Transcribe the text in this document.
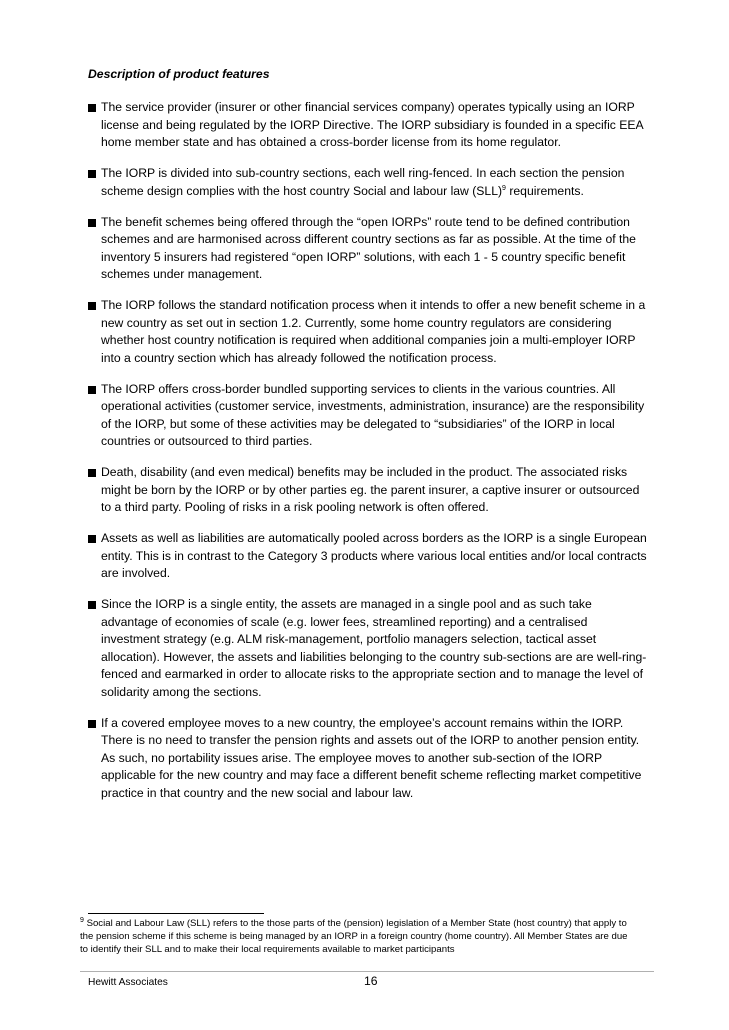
Description of product features
The service provider (insurer or other financial services company) operates typically using an IORP
license and being regulated by the IORP Directive. The IORP subsidiary is founded in a specific EEA
home member state and has obtained a cross-border license from its home regulator.
The IORP is divided into sub-country sections, each well ring-fenced. In each section the pension
scheme design complies with the host country Social and labour law (SLL)$^9$ requirements.
The benefit schemes being offered through the “open IORPs” route tend to be defined contribution
schemes and are harmonised across different country sections as far as possible. At the time of the
inventory 5 insurers had registered “open IORP” solutions, with each 1 - 5 country specific benefit
schemes under management.
The IORP follows the standard notification process when it intends to offer a new benefit scheme in a
new country as set out in section 1.2. Currently, some home country regulators are considering
whether host country notification is required when additional companies join a multi-employer IORP
into a country section which has already followed the notification process.
The IORP offers cross-border bundled supporting services to clients in the various countries. All
operational activities (customer service, investments, administration, insurance) are the responsibility
of the IORP, but some of these activities may be delegated to “subsidiaries” of the IORP in local
countries or outsourced to third parties.
Death, disability (and even medical) benefits may be included in the product. The associated risks
might be born by the IORP or by other parties eg. the parent insurer, a captive insurer or outsourced
to a third party. Pooling of risks in a risk pooling network is often offered.
Assets as well as liabilities are automatically pooled across borders as the IORP is a single European
entity. This is in contrast to the Category 3 products where various local entities and/or local contracts
are involved.
Since the IORP is a single entity, the assets are managed in a single pool and as such take
advantage of economies of scale (e.g. lower fees, streamlined reporting) and a centralised
investment strategy (e.g. ALM risk-management, portfolio managers selection, tactical asset
allocation). However, the assets and liabilities belonging to the country sub-sections are are well-ring-
fenced and earmarked in order to allocate risks to the appropriate section and to manage the level of
solidarity among the sections.
If a covered employee moves to a new country, the employee’s account remains within the IORP.
There is no need to transfer the pension rights and assets out of the IORP to another pension entity.
As such, no portability issues arise. The employee moves to another sub-section of the IORP
applicable for the new country and may face a different benefit scheme reflecting market competitive
practice in that country and the new social and labour law.
$^9$ Social and Labour Law (SLL) refers to the those parts of the (pension) legislation of a Member State (host country) that apply to
the pension scheme if this scheme is being managed by an IORP in a foreign country (home country). All Member States are due
to identify their SLL and to make their local requirements available to market participants
Hewitt Associates	16
